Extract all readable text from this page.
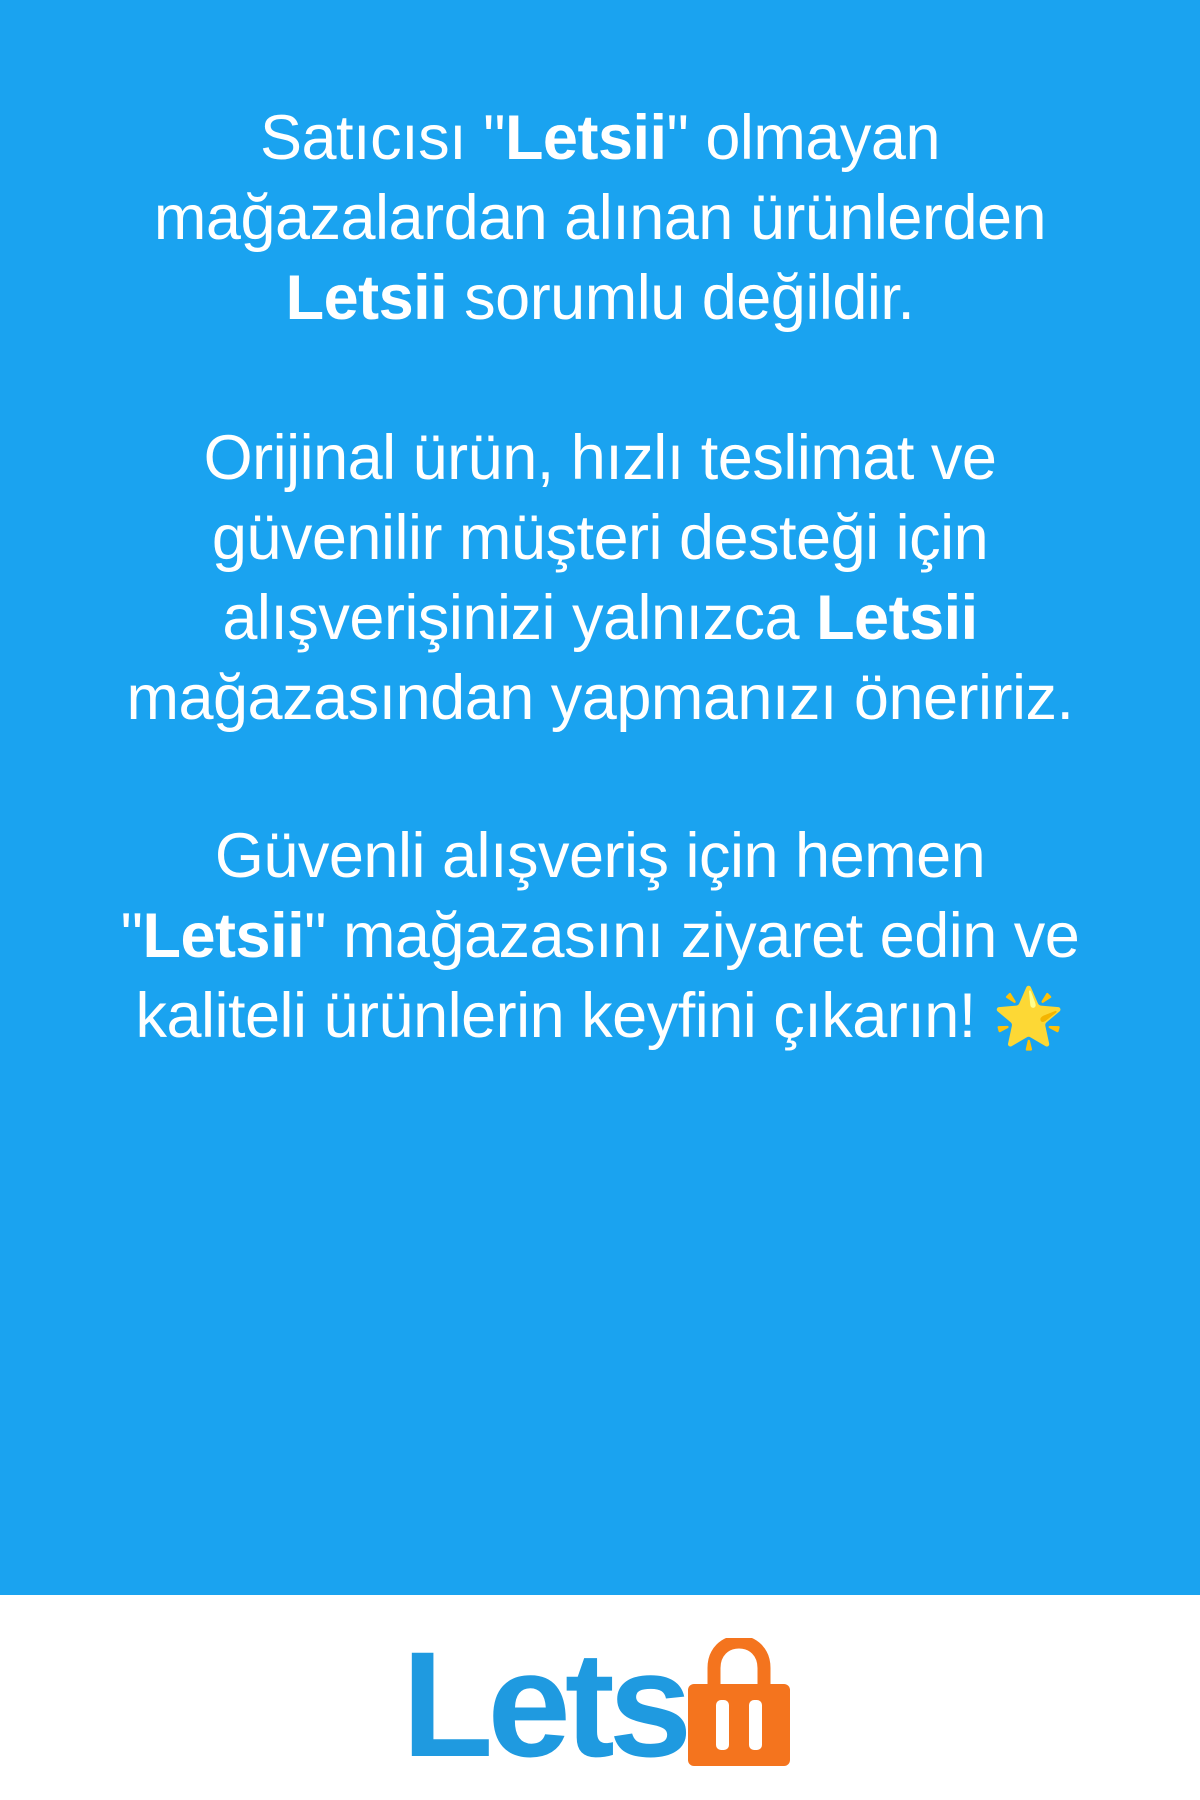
Satıcısı "Letsii" olmayan mağazalardan alınan ürünlerden Letsii sorumlu değildir.

Orijinal ürün, hızlı teslimat ve güvenilir müşteri desteği için alışverişinizi yalnızca Letsii mağazasından yapmanızı öneririz.

Güvenli alışveriş için hemen "Letsii" mağazasını ziyaret edin ve kaliteli ürünlerin keyfini çıkarın! 🌟

Lets
